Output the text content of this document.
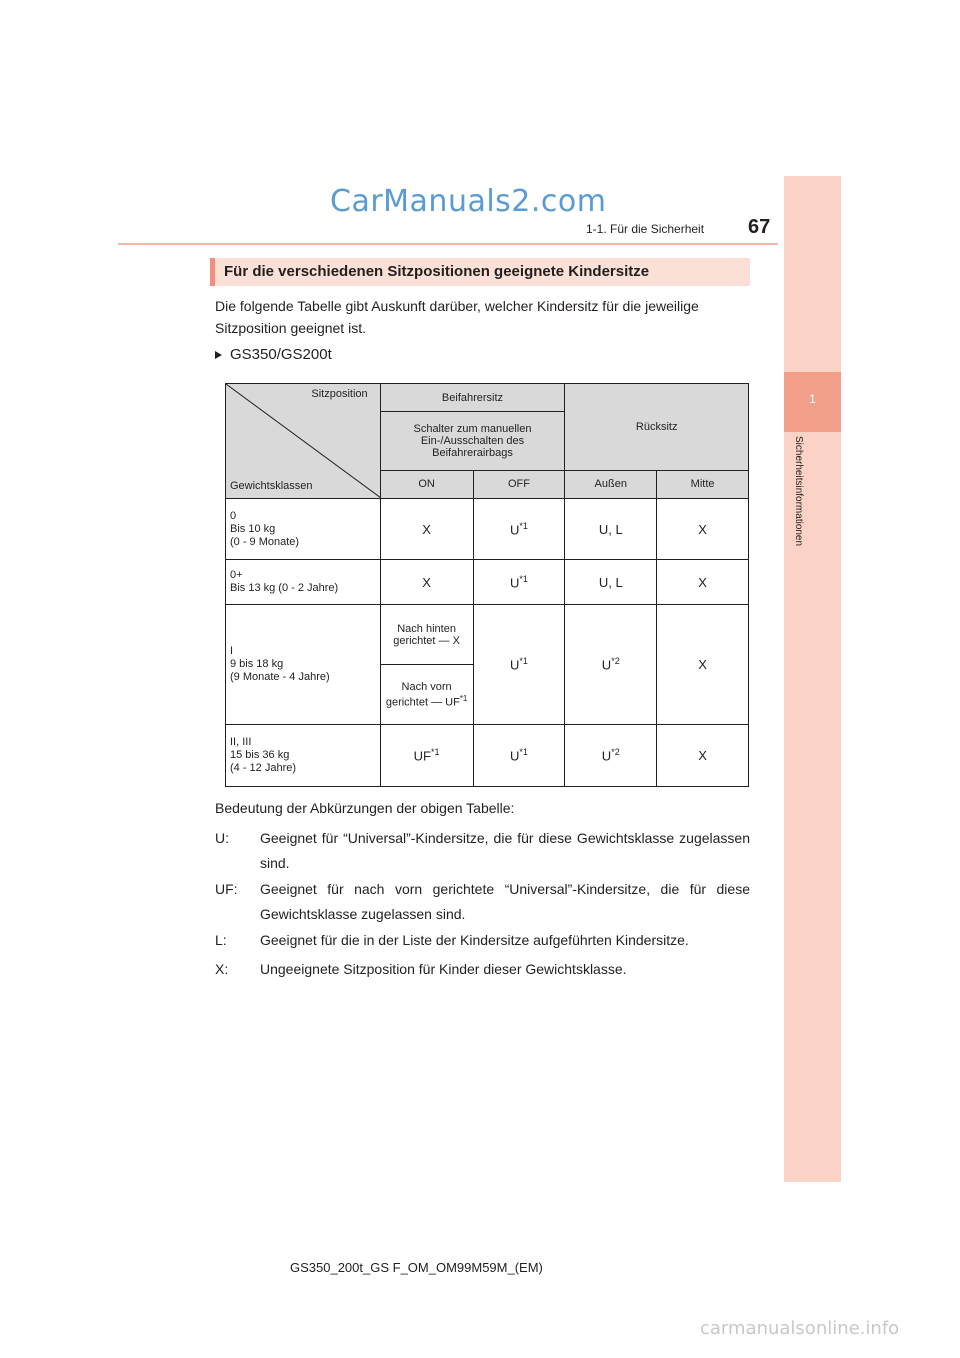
CarManuals2.com
1-1. Für die Sicherheit 67
1
Sicherheitsinformationen
Für die verschiedenen Sitzpositionen geeignete Kindersitze
Die folgende Tabelle gibt Auskunft darüber, welcher Kindersitz für die jeweilige Sitzposition geeignet ist.
GS350/GS200t
Sitzposition
Gewichtsklassen	Beifahrersitz		Rücksitz	
	Schalter zum manuellen Ein-/Ausschalten des Beifahrerairbags			
	ON	OFF	Außen	Mitte

0
Bis 10 kg
(0 - 9 Monate)	X	$U^{*1}$	U, L	X

0+
Bis 13 kg (0 - 2 Jahre)	X	$U^{*1}$	U, L	X

I
9 bis 18 kg
(9 Monate - 4 Jahre)	Nach hinten gerichtet — X	$U^{*1}$	$U^{*2}$	X
	Nach vorn gerichtet — UF$^{*1}$

II, III
15 bis 36 kg
(4 - 12 Jahre)	UF$^{*1}$	$U^{*1}$	$U^{*2}$	X
Bedeutung der Abkürzungen der obigen Tabelle:
U:	Geeignet für “Universal”-Kindersitze, die für diese Gewichtsklasse zugelassen sind.
UF:	Geeignet für nach vorn gerichtete “Universal”-Kindersitze, die für diese Gewichtsklasse zugelassen sind.
L:	Geeignet für die in der Liste der Kindersitze aufgeführten Kindersitze.
X:	Ungeeignete Sitzposition für Kinder dieser Gewichtsklasse.
GS350_200t_GS F_OM_OM99M59M_(EM)
carmanualsonline.info
